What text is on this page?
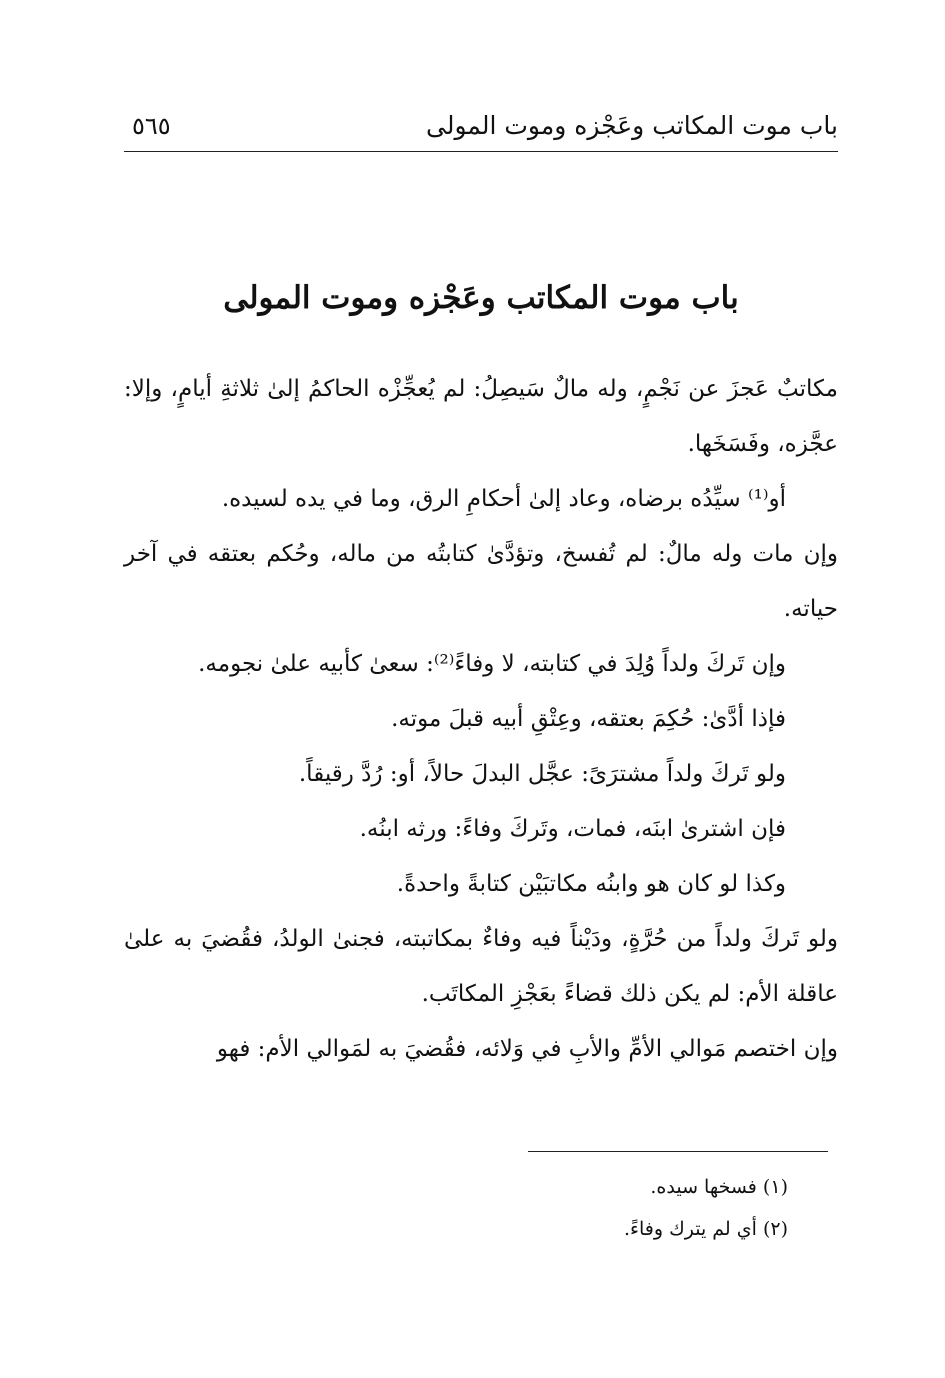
باب موت المكاتب وعَجْزه وموت المولى
٥٦٥
باب موت المكاتب وعَجْزه وموت المولى

مكاتبٌ عَجزَ عن نَجْمٍ، وله مالٌ سَيصِلُ: لم يُعجِّزْه الحاكمُ إلىٰ ثلاثةِ أيامٍ، وإلا: عجَّزه، وفَسَخَها.

أو⁽¹⁾ سيِّدُه برضاه، وعاد إلىٰ أحكامِ الرق، وما في يده لسيده.

وإن مات وله مالٌ: لم تُفسخ، وتؤدَّىٰ كتابتُه من ماله، وحُكم بعتقه في آخر حياته.

وإن تَركَ ولداً وُلِدَ في كتابته، لا وفاءً⁽²⁾: سعىٰ كأبيه علىٰ نجومه.

فإذا أدَّىٰ: حُكِمَ بعتقه، وعِتْقِ أبيه قبلَ موته.

ولو تَركَ ولداً مشترَىً: عجَّل البدلَ حالاً، أو: رُدَّ رقيقاً.

فإن اشترىٰ ابنَه، فمات، وتَركَ وفاءً: ورثه ابنُه.

وكذا لو كان هو وابنُه مكاتبَيْن كتابةً واحدةً.

ولو تَركَ ولداً من حُرَّةٍ، ودَيْناً فيه وفاءٌ بمكاتبته، فجنىٰ الولدُ، فقُضيَ به علىٰ عاقلة الأم: لم يكن ذلك قضاءً بعَجْزِ المكاتَب.

وإن اختصم مَوالي الأمِّ والأبِ في وَلائه، فقُضيَ به لمَوالي الأم: فهو

(١) فسخها سيده.

(٢) أي لم يترك وفاءً.
